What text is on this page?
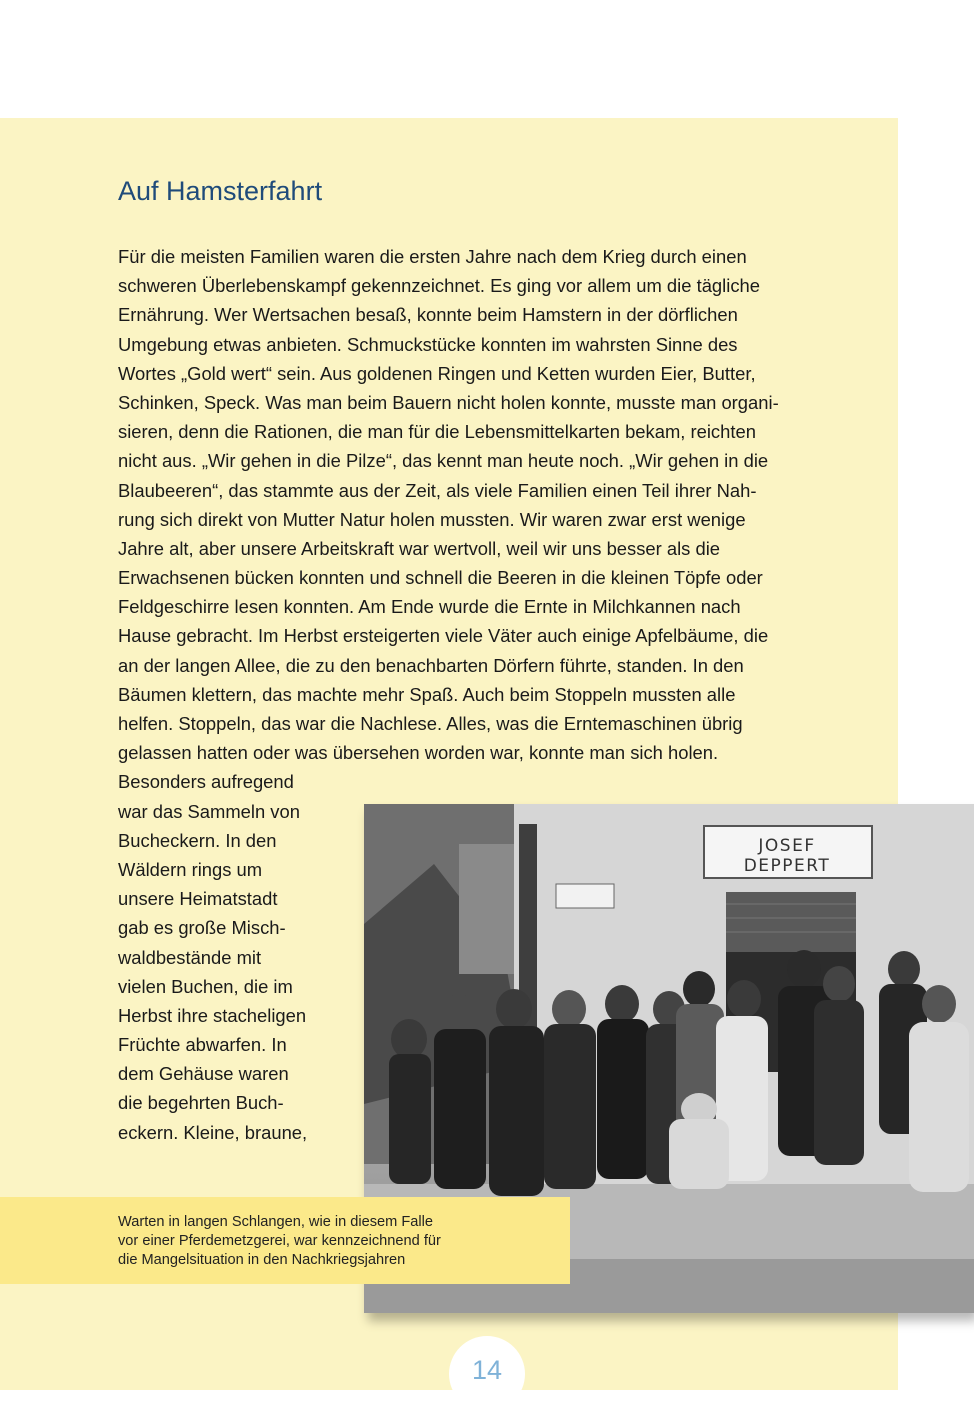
Auf Hamsterfahrt
Für die meisten Familien waren die ersten Jahre nach dem Krieg durch einen
schweren Überlebenskampf gekennzeichnet. Es ging vor allem um die tägliche
Ernährung. Wer Wertsachen besaß, konnte beim Hamstern in der dörflichen
Umgebung etwas anbieten. Schmuckstücke konnten im wahrsten Sinne des
Wortes „Gold wert“ sein. Aus goldenen Ringen und Ketten wurden Eier, Butter,
Schinken, Speck. Was man beim Bauern nicht holen konnte, musste man organi-
sieren, denn die Rationen, die man für die Lebensmittelkarten bekam, reichten
nicht aus. „Wir gehen in die Pilze“, das kennt man heute noch. „Wir gehen in die
Blaubeeren“, das stammte aus der Zeit, als viele Familien einen Teil ihrer Nah-
rung sich direkt von Mutter Natur holen mussten. Wir waren zwar erst wenige
Jahre alt, aber unsere Arbeitskraft war wertvoll, weil wir uns besser als die
Erwachsenen bücken konnten und schnell die Beeren in die kleinen Töpfe oder
Feldgeschirre lesen konnten. Am Ende wurde die Ernte in Milchkannen nach
Hause gebracht. Im Herbst ersteigerten viele Väter auch einige Apfelbäume, die
an der langen Allee, die zu den benachbarten Dörfern führte, standen. In den
Bäumen klettern, das machte mehr Spaß. Auch beim Stoppeln mussten alle
helfen. Stoppeln, das war die Nachlese. Alles, was die Erntemaschinen übrig
gelassen hatten oder was übersehen worden war, konnte man sich holen.
Besonders aufregend
war das Sammeln von
Bucheckern. In den
Wäldern rings um
unsere Heimatstadt
gab es große Misch-
waldbestände mit
vielen Buchen, die im
Herbst ihre stacheligen
Früchte abwarfen. In
dem Gehäuse waren
die begehrten Buch-
eckern. Kleine, braune,
JOSEF DEPPERT
Warten in langen Schlangen, wie in diesem Falle
vor einer Pferdemetzgerei, war kennzeichnend für
die Mangelsituation in den Nachkriegsjahren
14
